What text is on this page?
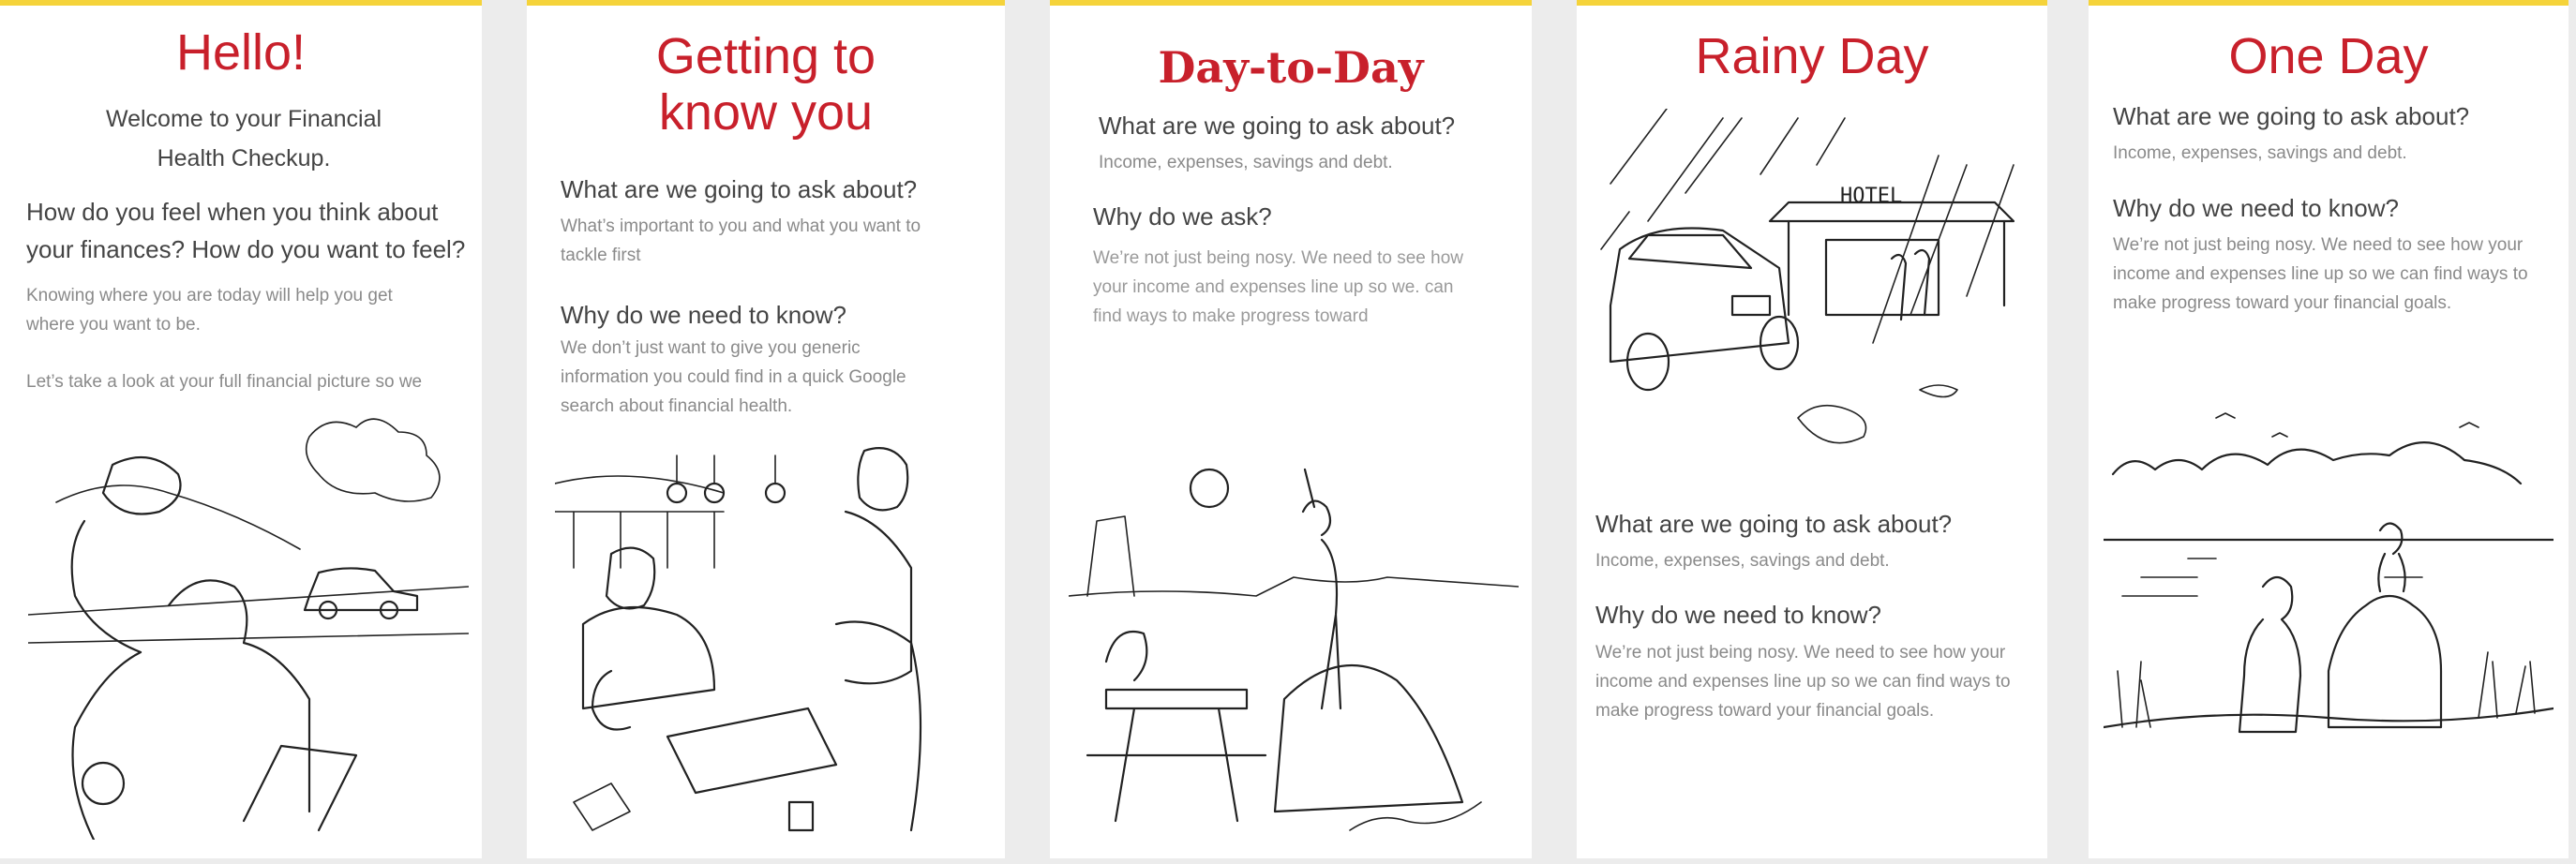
Hello!

Welcome to your Financial Health Checkup.

How do you feel when you think about your finances? How do you want to feel?

Knowing where you are today will help you get where you want to be.

Let’s take a look at your full financial picture so we

Getting to know you

What are we going to ask about?

What’s important to you and what you want to tackle first

Why do we need to know?

We don’t just want to give you generic information you could find in a quick Google search about financial health.

Day-to-Day

What are we going to ask about?

Income, expenses, savings and debt.

Why do we ask?

We’re not just being nosy. We need to see how your income and expenses line up so we. can find ways to make progress toward

Rainy Day
HOTEL

What are we going to ask about?

Income, expenses, savings and debt.

Why do we need to know?

We’re not just being nosy. We need to see how your income and expenses line up so we can find ways to make progress toward your financial goals.

One Day

What are we going to ask about?

Income, expenses, savings and debt.

Why do we need to know?

We’re not just being nosy. We need to see how your income and expenses line up so we can find ways to make progress toward your financial goals.
